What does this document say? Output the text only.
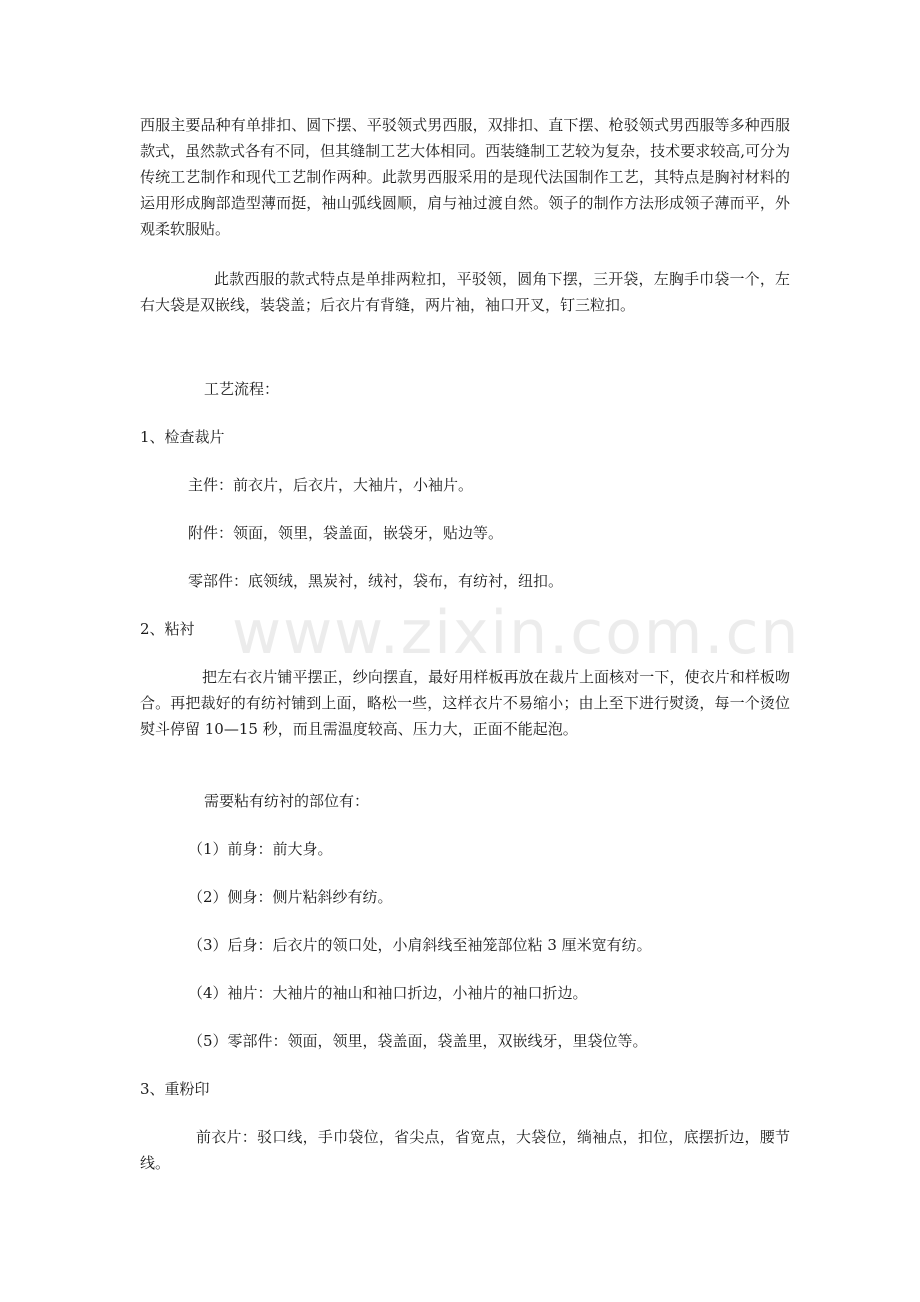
西服主要品种有单排扣、圆下摆、平驳领式男西服，双排扣、直下摆、枪驳领式男西服等多种西服款式，虽然款式各有不同，但其缝制工艺大体相同。西装缝制工艺较为复杂，技术要求较高,可分为传统工艺制作和现代工艺制作两种。此款男西服采用的是现代法国制作工艺，其特点是胸衬材料的运用形成胸部造型薄而挺，袖山弧线圆顺，肩与袖过渡自然。领子的制作方法形成领子薄而平，外观柔软服贴。

此款西服的款式特点是单排两粒扣，平驳领，圆角下摆，三开袋，左胸手巾袋一个，左右大袋是双嵌线，装袋盖；后衣片有背缝，两片袖，袖口开叉，钉三粒扣。

工艺流程：

1、检查裁片

主件：前衣片，后衣片，大袖片，小袖片。

附件：领面，领里，袋盖面，嵌袋牙，贴边等。

零部件：底领绒，黑炭衬，绒衬，袋布，有纺衬，纽扣。

2、粘衬

把左右衣片铺平摆正，纱向摆直，最好用样板再放在裁片上面核对一下，使衣片和样板吻合。再把裁好的有纺衬铺到上面，略松一些，这样衣片不易缩小；由上至下进行熨烫，每一个烫位熨斗停留 10—15 秒，而且需温度较高、压力大，正面不能起泡。

需要粘有纺衬的部位有：

（1）前身：前大身。

（2）侧身：侧片粘斜纱有纺。

（3）后身：后衣片的领口处，小肩斜线至袖笼部位粘 3 厘米宽有纺。

（4）袖片：大袖片的袖山和袖口折边，小袖片的袖口折边。

（5）零部件：领面，领里，袋盖面，袋盖里，双嵌线牙，里袋位等。

3、重粉印

前衣片：驳口线，手巾袋位，省尖点，省宽点，大袋位，绱袖点，扣位，底摆折边，腰节线。

www.zixin.com.cn
